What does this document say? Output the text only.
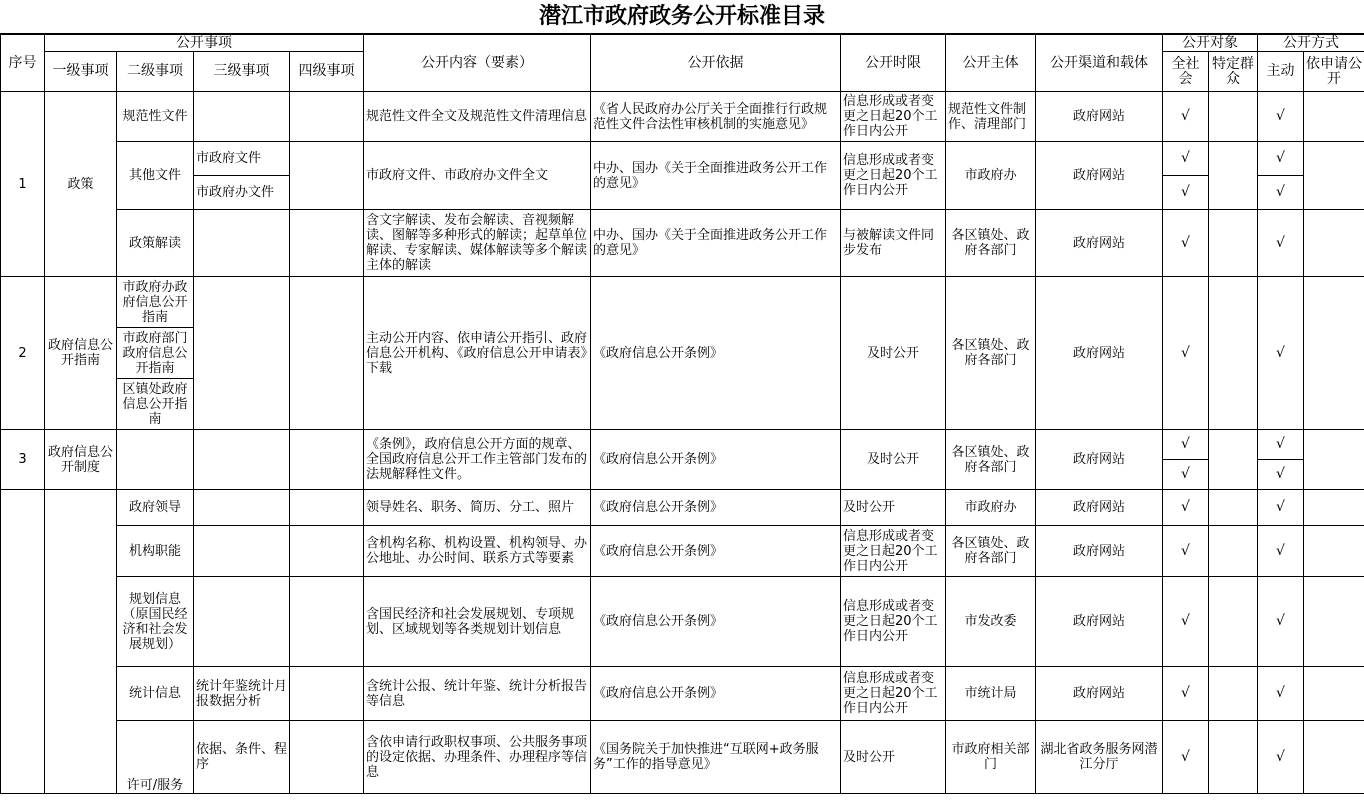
潜江市政府政务公开标准目录
序号	公开事项				公开内容（要素）	公开依据	公开时限	公开主体	公开渠道和载体	公开对象		公开方式	
	一级事项	二级事项	三级事项	四级事项						全社会	特定群众	主动	依申请公开
1	政策	规范性文件			规范性文件全文及规范性文件清理信息	《省人民政府办公厅关于全面推行行政规范性文件合法性审核机制的实施意见》	信息形成或者变更之日起20个工作日内公开	规范性文件制作、清理部门	政府网站	√		√	
		其他文件	市政府文件		市政府文件、市政府办文件全文	中办、国办《关于全面推进政务公开工作的意见》	信息形成或者变更之日起20个工作日内公开	市政府办	政府网站	√		√	
			市政府办文件							√		√	
		政策解读			含文字解读、发布会解读、音视频解读、图解等多种形式的解读；起草单位解读、专家解读、媒体解读等多个解读主体的解读	中办、国办《关于全面推进政务公开工作的意见》	与被解读文件同步发布	各区镇处、政府各部门	政府网站	√		√	
2	政府信息公开指南	市政府办政府信息公开指南			主动公开内容、依申请公开指引、政府信息公开机构、《政府信息公开申请表》下载	《政府信息公开条例》	及时公开	各区镇处、政府各部门	政府网站	√		√	
		市政府部门政府信息公开指南											
		区镇处政府信息公开指南											
3	政府信息公开制度				《条例》，政府信息公开方面的规章、全国政府信息公开工作主管部门发布的法规解释性文件。	《政府信息公开条例》	及时公开	各区镇处、政府各部门	政府网站	√		√	
										√		√	
		政府领导			领导姓名、职务、简历、分工、照片	《政府信息公开条例》	及时公开	市政府办	政府网站	√		√	
		机构职能			含机构名称、机构设置、机构领导、办公地址、办公时间、联系方式等要素	《政府信息公开条例》	信息形成或者变更之日起20个工作日内公开	各区镇处、政府各部门	政府网站	√		√	
		规划信息（原国民经济和社会发展规划）			含国民经济和社会发展规划、专项规划、区域规划等各类规划计划信息	《政府信息公开条例》	信息形成或者变更之日起20个工作日内公开	市发改委	政府网站	√		√	
		统计信息	统计年鉴统计月报数据分析		含统计公报、统计年鉴、统计分析报告等信息	《政府信息公开条例》	信息形成或者变更之日起20个工作日内公开	市统计局	政府网站	√		√	
		许可/服务	依据、条件、程序		含依申请行政职权事项、公共服务事项的设定依据、办理条件、办理程序等信息	《国务院关于加快推进“互联网+政务服务”工作的指导意见》	及时公开	市政府相关部门	湖北省政务服务网潜江分厅	√		√	
